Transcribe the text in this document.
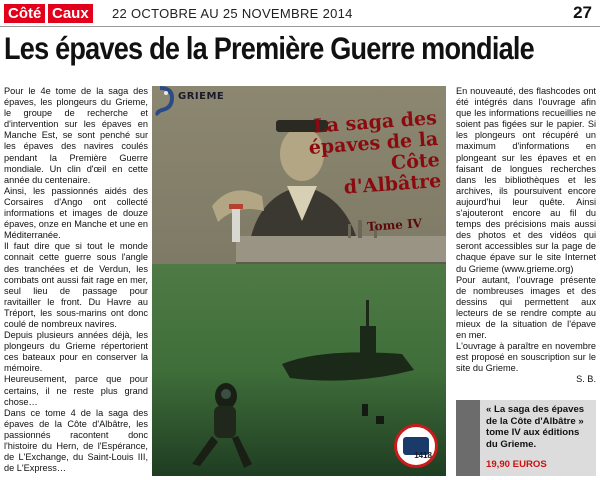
Côté Caux	22 OCTOBRE AU 25 NOVEMBRE 2014	27
Les épaves de la Première Guerre mondiale

Pour le 4e tome de la saga des épaves, les plongeurs du Grieme, le groupe de recherche et d'intervention sur les épaves en Manche Est, se sont penché sur les épaves des navires coulés pendant la Première Guerre mondiale. Un clin d'œil en cette année du centenaire.

Ainsi, les passionnés aidés des Corsaires d'Ango ont collecté informations et images de douze épaves, onze en Manche et une en Méditerranée.

Il faut dire que si tout le monde connait cette guerre sous l'angle des tranchées et de Verdun, les combats ont aussi fait rage en mer, seul lieu de passage pour ravitailler le front. Du Havre au Tréport, les sous-marins ont donc coulé de nombreux navires.

Depuis plusieurs années déjà, les plongeurs du Grieme répertorient ces bateaux pour en conserver la mémoire.

Heureusement, parce que pour certains, il ne reste plus grand chose…

Dans ce tome 4 de la saga des épaves de la Côte d'Albâtre, les passionnés racontent donc l'histoire du Hern, de l'Espérance, de L'Exchange, du Saint-Louis III, de L'Express…

GRIEME
La saga des épaves de la Côte d'Albâtre
Tome IV
1418

En nouveauté, des flashcodes ont été intégrés dans l'ouvrage afin que les informations recueillies ne soient pas figées sur le papier. Si les plongeurs ont récupéré un maximum d'informations en plongeant sur les épaves et en faisant de longues recherches dans les bibliothèques et les archives, ils poursuivent encore aujourd'hui leur quête. Ainsi s'ajouteront encore au fil du temps des précisions mais aussi des photos et des vidéos qui seront accessibles sur la page de chaque épave sur le site Internet du Grieme (www.grieme.org)

Pour autant, l'ouvrage présente de nombreuses images et des dessins qui permettent aux lecteurs de se rendre compte au mieux de la situation de l'épave en mer.

L'ouvrage à paraître en novembre est proposé en souscription sur le site du Grieme.

S. B.

« La saga des épaves de la Côte d'Albâtre » tome IV aux éditions du Grieme.
19,90 EUROS
